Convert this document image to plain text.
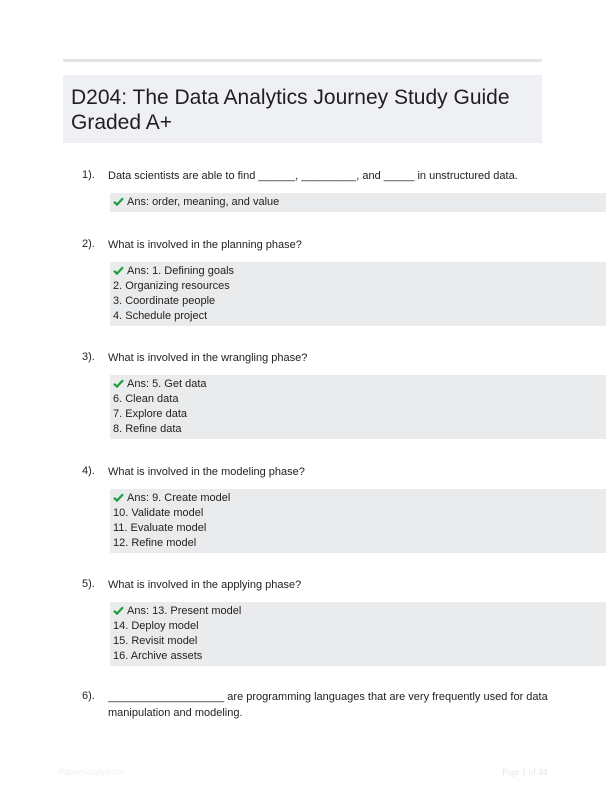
D204: The Data Analytics Journey Study Guide
Graded A+
1). Data scientists are able to find ______, _________, and _____ in unstructured data.
Ans: order, meaning, and value
2). What is involved in the planning phase?
Ans: 1. Defining goals
2. Organizing resources
3. Coordinate people
4. Schedule project
3). What is involved in the wrangling phase?
Ans: 5. Get data
6. Clean data
7. Explore data
8. Refine data
4). What is involved in the modeling phase?
Ans: 9. Create model
10. Validate model
11. Evaluate model
12. Refine model
5). What is involved in the applying phase?
Ans: 13. Present model
14. Deploy model
15. Revisit model
16. Archive assets
6). ___________________ are programming languages that are very frequently used for data manipulation and modeling.
PaperStudy.com	Page 1 of 44
